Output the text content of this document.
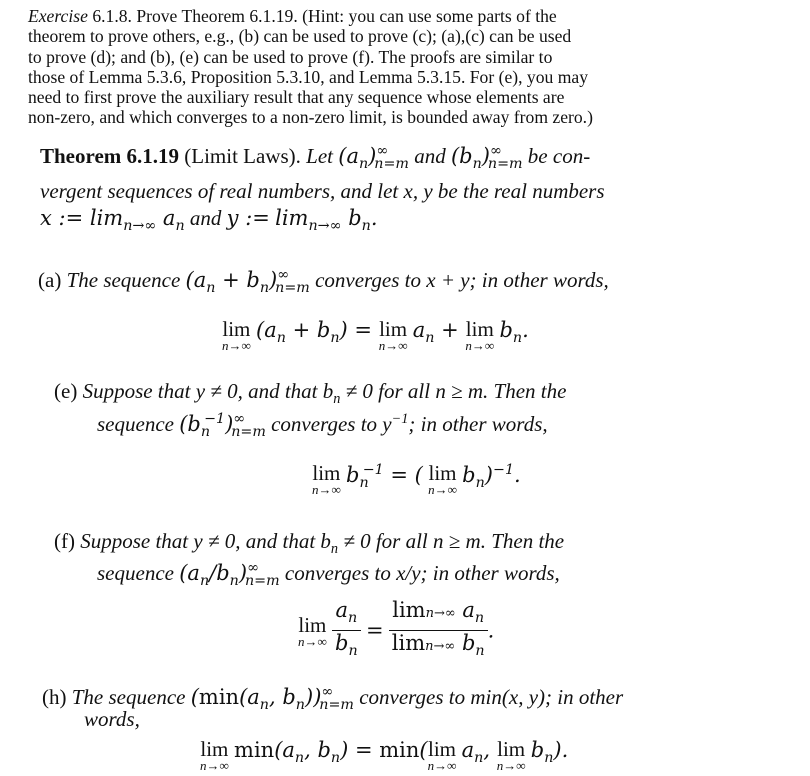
Exercise 6.1.8. Prove Theorem 6.1.19. (Hint: you can use some parts of the
theorem to prove others, e.g., (b) can be used to prove (c); (a),(c) can be used
to prove (d); and (b), (e) can be used to prove (f). The proofs are similar to
those of Lemma 5.3.6, Proposition 5.3.10, and Lemma 5.3.15. For (e), you may
need to first prove the auxiliary result that any sequence whose elements are
non-zero, and which converges to a non-zero limit, is bounded away from zero.)
Theorem 6.1.19 (Limit Laws). Let $(a_n)^\infty_{n=m}$ and $(b_n)^\infty_{n=m}$ be con-
vergent sequences of real numbers, and let x, y be the real numbers
x := $\lim_{n\to\infty} a_n$ and y := $\lim_{n\to\infty} b_n$.
(a) The sequence $(a_n + b_n)^\infty_{n=m}$ converges to x + y; in other words,
lim
n→∞
$(a_n + b_n) = \lim$
n→∞
$a_n + \lim$
n→∞
$b_n$.
(e) Suppose that y ≠ 0, and that $b_n \ne 0$ for all n ≥ m. Then the
sequence $(b_n^{-1})^\infty_{n=m}$ converges to $y^{-1}$; in other words,
lim
n→∞
$b_n^{-1}$ = ( lim
n→∞
$b_n)^{-1}$.
(f) Suppose that y ≠ 0, and that $b_n \ne 0$ for all n ≥ m. Then the
sequence $(a_n/b_n)^\infty_{n=m}$ converges to x/y; in other words,
lim
n→∞
$\frac{a_n}{b_n} = \frac{\lim n\to\infty a_n}{\lim n\to\infty b_n}$ .
(h) The sequence ($\min(a_n$, $b_n))^\infty_{n=m}$ converges to min(x, y); in other
words,
lim
n→∞
$\min(a_n$, $b_n) = \min$( lim
n→∞
$a_n$, lim
n→∞
$b_n$).
